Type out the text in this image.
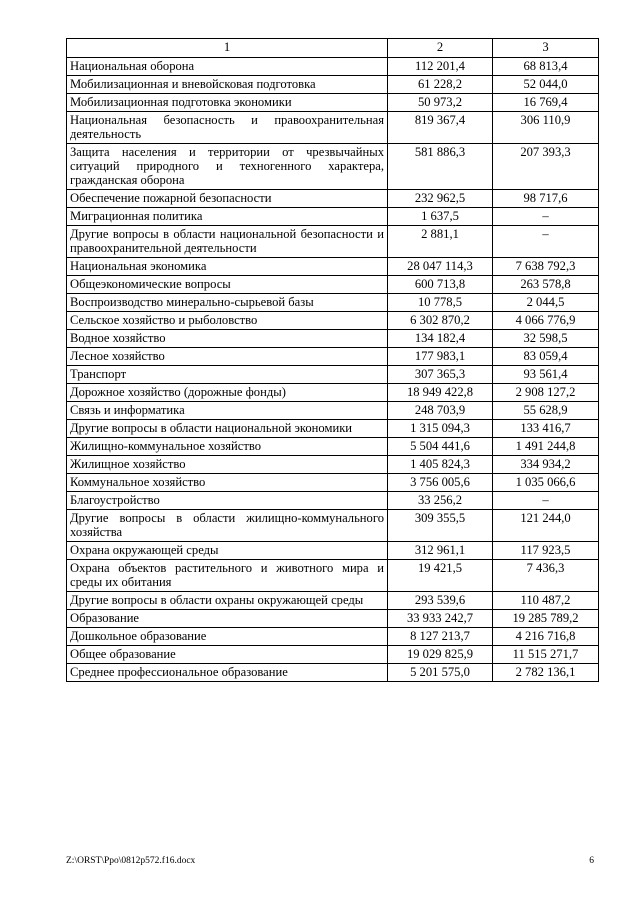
1	2	3
Национальная оборона	112 201,4	68 813,4
Мобилизационная и вневойсковая подготовка	61 228,2	52 044,0
Мобилизационная подготовка экономики	50 973,2	16 769,4
Национальная безопасность и правоохранительная деятельность	819 367,4	306 110,9
Защита населения и территории от чрезвычайных ситуаций природного и техногенного характера, гражданская оборона	581 886,3	207 393,3
Обеспечение пожарной безопасности	232 962,5	98 717,6
Миграционная политика	1 637,5	–
Другие вопросы в области национальной безопасности и правоохранительной деятельности	2 881,1	–
Национальная экономика	28 047 114,3	7 638 792,3
Общеэкономические вопросы	600 713,8	263 578,8
Воспроизводство минерально-сырьевой базы	10 778,5	2 044,5
Сельское хозяйство и рыболовство	6 302 870,2	4 066 776,9
Водное хозяйство	134 182,4	32 598,5
Лесное хозяйство	177 983,1	83 059,4
Транспорт	307 365,3	93 561,4
Дорожное хозяйство (дорожные фонды)	18 949 422,8	2 908 127,2
Связь и информатика	248 703,9	55 628,9
Другие вопросы в области национальной экономики	1 315 094,3	133 416,7
Жилищно-коммунальное хозяйство	5 504 441,6	1 491 244,8
Жилищное хозяйство	1 405 824,3	334 934,2
Коммунальное хозяйство	3 756 005,6	1 035 066,6
Благоустройство	33 256,2	–
Другие вопросы в области жилищно-коммунального хозяйства	309 355,5	121 244,0
Охрана окружающей среды	312 961,1	117 923,5
Охрана объектов растительного и животного мира и среды их обитания	19 421,5	7 436,3
Другие вопросы в области охраны окружающей среды	293 539,6	110 487,2
Образование	33 933 242,7	19 285 789,2
Дошкольное образование	8 127 213,7	4 216 716,8
Общее образование	19 029 825,9	11 515 271,7
Среднее профессиональное образование	5 201 575,0	2 782 136,1
Z:\ORST\Ppo\0812p572.f16.docx	6
